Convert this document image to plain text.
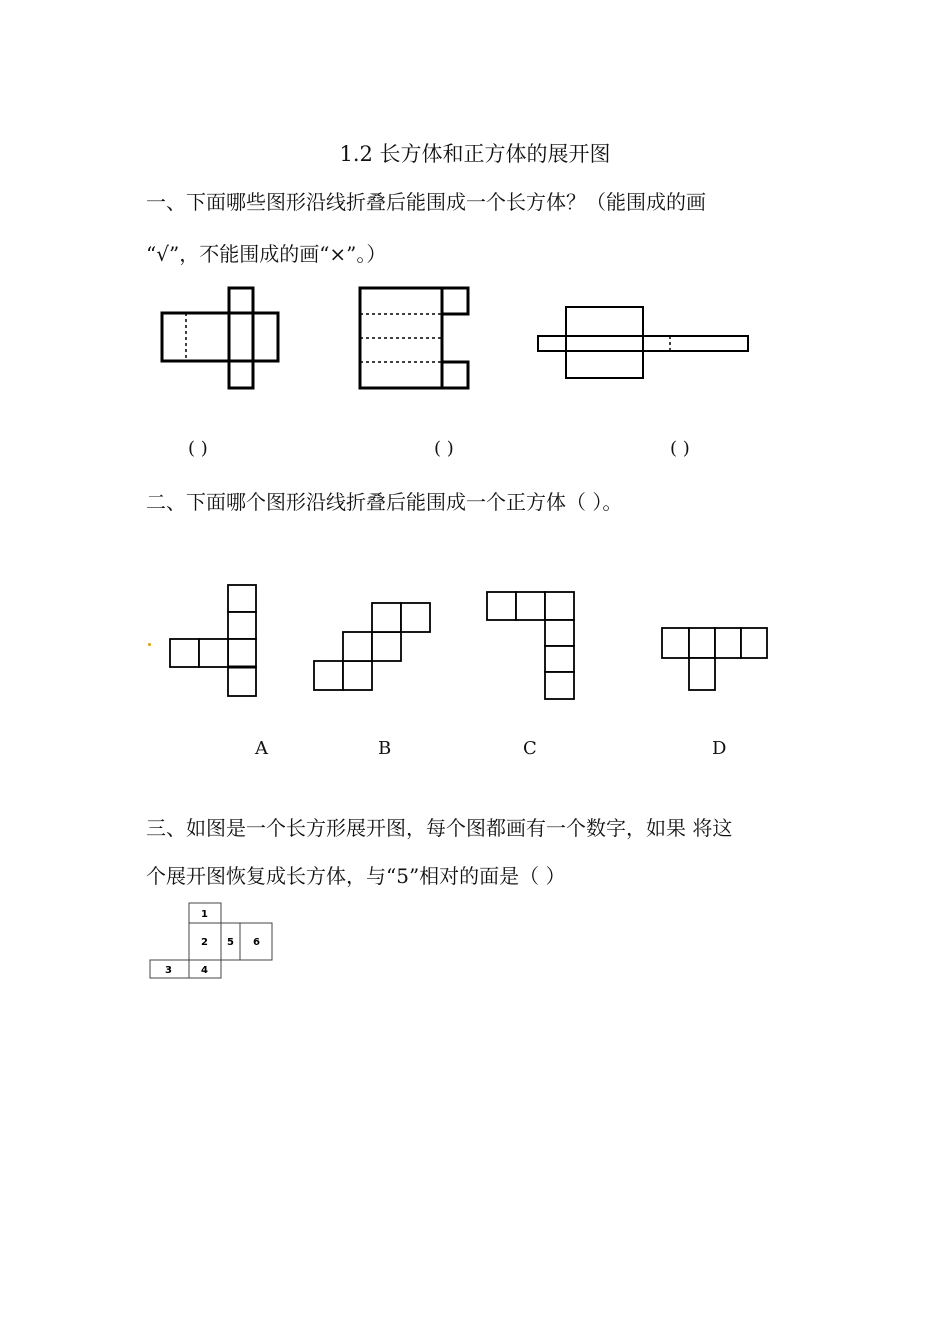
1.2 长方体和正方体的展开图
一、下面哪些图形沿线折叠后能围成一个长方体？（能围成的画
“√”，不能围成的画“×”。）
( )	( )	( )
二、下面哪个图形沿线折叠后能围成一个正方体（ ）。
A	B	C	D
三、如图是一个长方形展开图，每个图都画有一个数字，如果 将这
个展开图恢复成长方体，与“5”相对的面是（ ）
1
2 5 6
3	4
